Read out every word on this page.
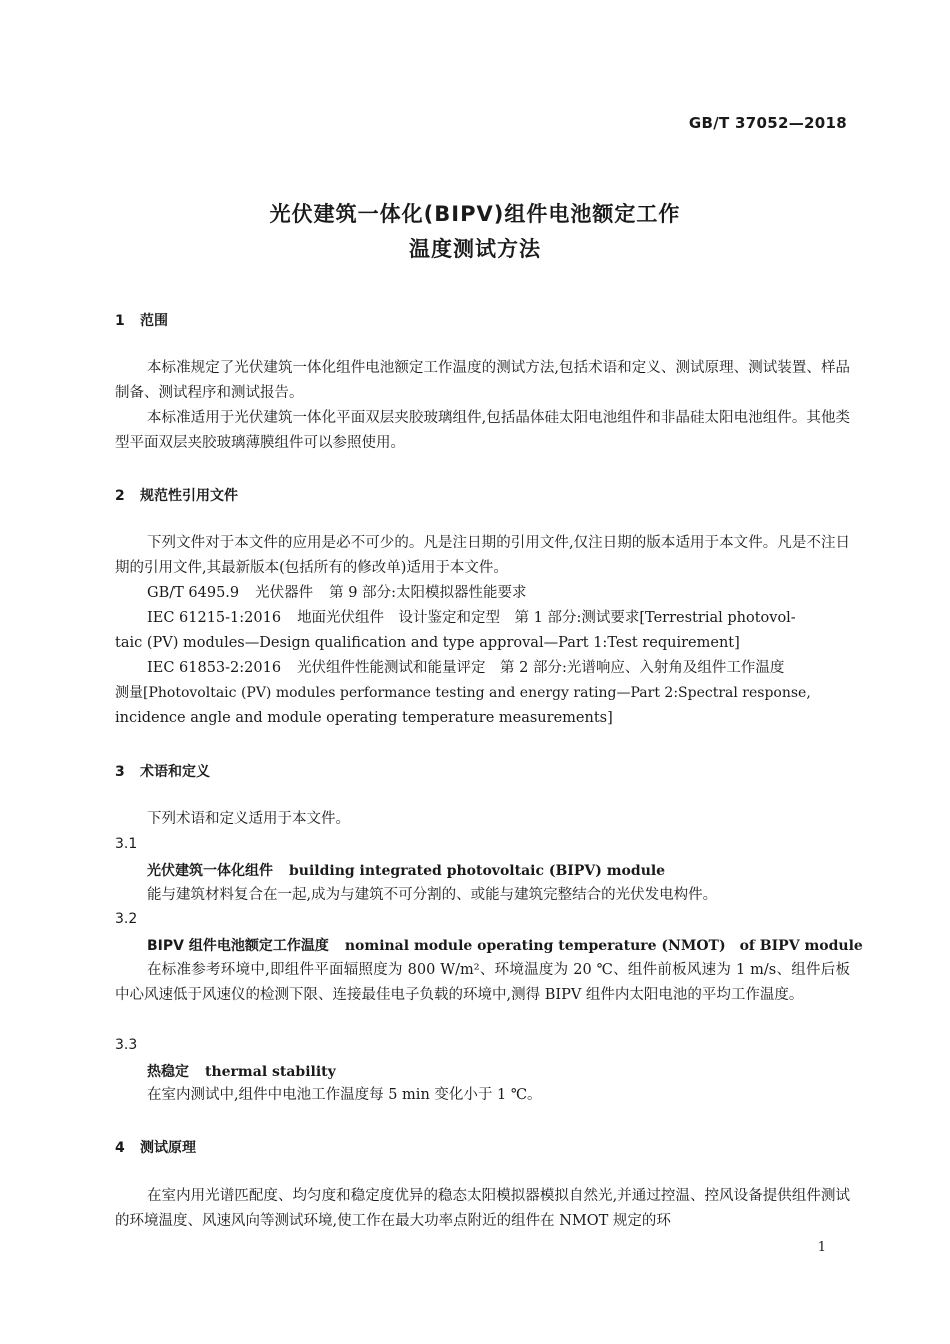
GB/T 37052—2018
光伏建筑一体化(BIPV)组件电池额定工作
温度测试方法
1 范围
本标准规定了光伏建筑一体化组件电池额定工作温度的测试方法,包括术语和定义、测试原理、测试装置、样品制备、测试程序和测试报告。
本标准适用于光伏建筑一体化平面双层夹胶玻璃组件,包括晶体硅太阳电池组件和非晶硅太阳电池组件。其他类型平面双层夹胶玻璃薄膜组件可以参照使用。
2 规范性引用文件
下列文件对于本文件的应用是必不可少的。凡是注日期的引用文件,仅注日期的版本适用于本文件。凡是不注日期的引用文件,其最新版本(包括所有的修改单)适用于本文件。
GB/T 6495.9 光伏器件 第 9 部分:太阳模拟器性能要求
IEC 61215-1:2016 地面光伏组件　设计鉴定和定型　第 1 部分:测试要求[Terrestrial photovol-
taic (PV) modules—Design qualification and type approval—Part 1:Test requirement]
IEC 61853-2:2016 光伏组件性能测试和能量评定　第 2 部分:光谱响应、入射角及组件工作温度
测量[Photovoltaic (PV) modules performance testing and energy rating—Part 2:Spectral response,
incidence angle and module operating temperature measurements]
3 术语和定义
下列术语和定义适用于本文件。
3.1
光伏建筑一体化组件 building integrated photovoltaic (BIPV) module
能与建筑材料复合在一起,成为与建筑不可分割的、或能与建筑完整结合的光伏发电构件。
3.2
BIPV 组件电池额定工作温度 nominal module operating temperature (NMOT)　of BIPV module
在标准参考环境中,即组件平面辐照度为 800 W/m²、环境温度为 20 ℃、组件前板风速为 1 m/s、组件后板中心风速低于风速仪的检测下限、连接最佳电子负载的环境中,测得 BIPV 组件内太阳电池的平均工作温度。
3.3
热稳定 thermal stability
在室内测试中,组件中电池工作温度每 5 min 变化小于 1 ℃。
4 测试原理
在室内用光谱匹配度、均匀度和稳定度优异的稳态太阳模拟器模拟自然光,并通过控温、控风设备提供组件测试的环境温度、风速风向等测试环境,使工作在最大功率点附近的组件在 NMOT 规定的环
1
